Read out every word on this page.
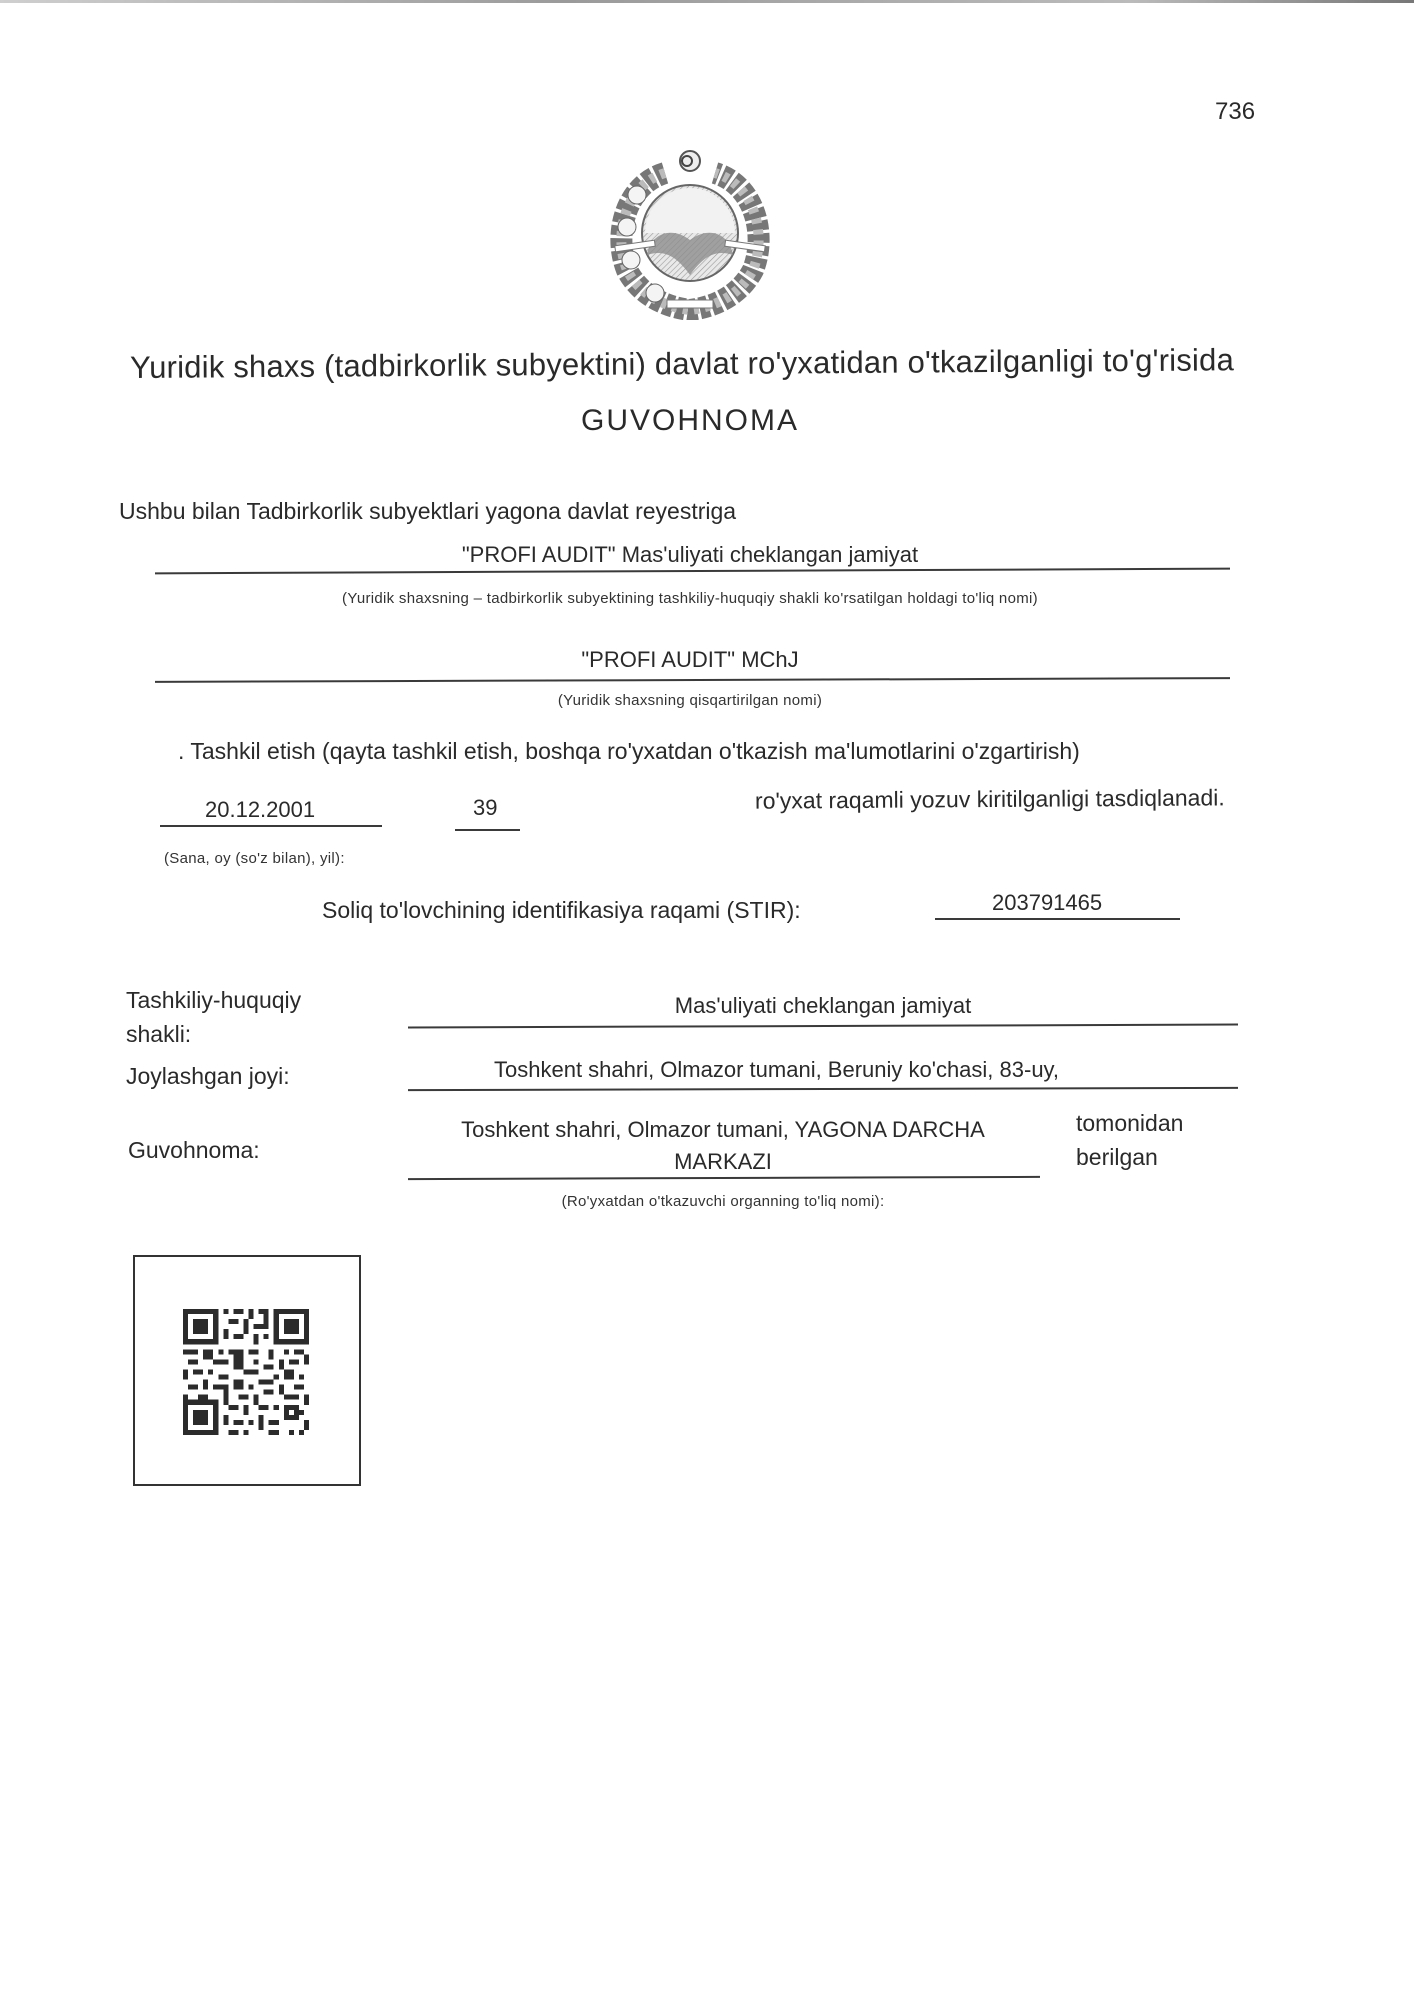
736
Yuridik shaxs (tadbirkorlik subyektini) davlat ro'yxatidan o'tkazilganligi to'g'risida
GUVOHNOMA
Ushbu bilan Tadbirkorlik subyektlari yagona davlat reyestriga
"PROFI AUDIT" Mas'uliyati cheklangan jamiyat
(Yuridik shaxsning – tadbirkorlik subyektining tashkiliy-huquqiy shakli ko'rsatilgan holdagi to'liq nomi)
"PROFI AUDIT" MChJ
(Yuridik shaxsning qisqartirilgan nomi)
. Tashkil etish (qayta tashkil etish, boshqa ro'yxatdan o'tkazish ma'lumotlarini o'zgartirish)
20.12.2001	39	ro'yxat raqamli yozuv kiritilganligi tasdiqlanadi.
(Sana, oy (so'z bilan), yil):
Soliq to'lovchining identifikasiya raqami (STIR):	203791465
Tashkiliy-huquqiy
shakli:
Mas'uliyati cheklangan jamiyat
Joylashgan joyi:	Toshkent shahri, Olmazor tumani, Beruniy ko'chasi, 83-uy,
Guvohnoma:
Toshkent shahri, Olmazor tumani, YAGONA DARCHA
MARKAZI
tomonidan
berilgan
(Ro'yxatdan o'tkazuvchi organning to'liq nomi):
